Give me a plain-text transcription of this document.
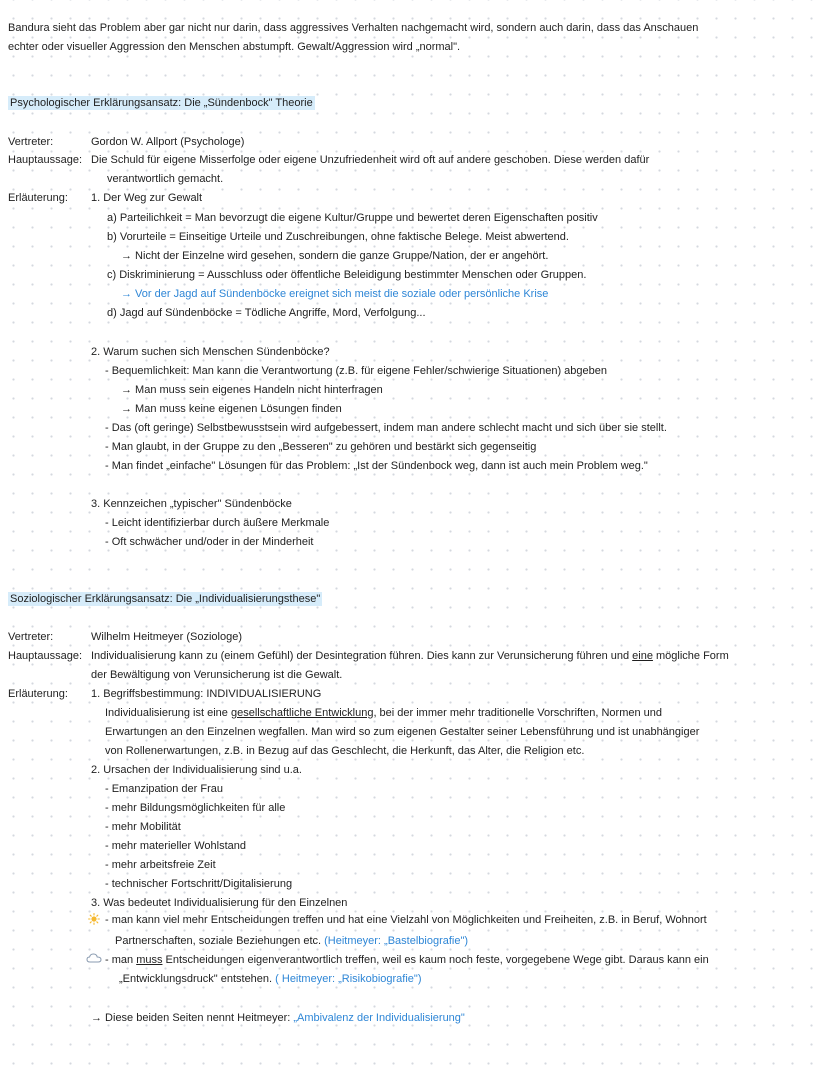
Bandura sieht das Problem aber gar nicht nur darin, dass aggressives Verhalten nachgemacht wird, sondern auch darin, dass das Anschauen
echter oder visueller Aggression den Menschen abstumpft. Gewalt/Aggression wird „normal".
Psychologischer Erklärungsansatz: Die „Sündenbock" Theorie
Vertreter:	Gordon W. Allport (Psychologe)
Hauptaussage: Die Schuld für eigene Misserfolge oder eigene Unzufriedenheit wird oft auf andere geschoben. Diese werden dafür
verantwortlich gemacht.
Erläuterung: 1. Der Weg zur Gewalt
a) Parteilichkeit = Man bevorzugt die eigene Kultur/Gruppe und bewertet deren Eigenschaften positiv
b) Vorurteile = Einseitige Urteile und Zuschreibungen, ohne faktische Belege. Meist abwertend.
→ Nicht der Einzelne wird gesehen, sondern die ganze Gruppe/Nation, der er angehört.
c) Diskriminierung = Ausschluss oder öffentliche Beleidigung bestimmter Menschen oder Gruppen.
→ Vor der Jagd auf Sündenböcke ereignet sich meist die soziale oder persönliche Krise
d) Jagd auf Sündenböcke = Tödliche Angriffe, Mord, Verfolgung...
2. Warum suchen sich Menschen Sündenböcke?
- Bequemlichkeit: Man kann die Verantwortung (z.B. für eigene Fehler/schwierige Situationen) abgeben
→ Man muss sein eigenes Handeln nicht hinterfragen
→ Man muss keine eigenen Lösungen finden
- Das (oft geringe) Selbstbewusstsein wird aufgebessert, indem man andere schlecht macht und sich über sie stellt.
- Man glaubt, in der Gruppe zu den „Besseren" zu gehören und bestärkt sich gegenseitig
- Man findet „einfache" Lösungen für das Problem: „Ist der Sündenbock weg, dann ist auch mein Problem weg."
3. Kennzeichen „typischer" Sündenböcke
- Leicht identifizierbar durch äußere Merkmale
- Oft schwächer und/oder in der Minderheit
Soziologischer Erklärungsansatz: Die „Individualisierungsthese"
Vertreter:	Wilhelm Heitmeyer (Soziologe)
Hauptaussage: Individualisierung kann zu (einem Gefühl) der Desintegration führen. Dies kann zur Verunsicherung führen und eine mögliche Form
der Bewältigung von Verunsicherung ist die Gewalt.
Erläuterung: 1. Begriffsbestimmung: INDIVIDUALISIERUNG
Individualisierung ist eine gesellschaftliche Entwicklung, bei der immer mehr traditionelle Vorschriften, Normen und
Erwartungen an den Einzelnen wegfallen. Man wird so zum eigenen Gestalter seiner Lebensführung und ist unabhängiger
von Rollenerwartungen, z.B. in Bezug auf das Geschlecht, die Herkunft, das Alter, die Religion etc.
2. Ursachen der Individualisierung sind u.a.
- Emanzipation der Frau
- mehr Bildungsmöglichkeiten für alle
- mehr Mobilität
- mehr materieller Wohlstand
- mehr arbeitsfreie Zeit
- technischer Fortschritt/Digitalisierung
3. Was bedeutet Individualisierung für den Einzelnen
- man kann viel mehr Entscheidungen treffen und hat eine Vielzahl von Möglichkeiten und Freiheiten, z.B. in Beruf, Wohnort
Partnerschaften, soziale Beziehungen etc. (Heitmeyer: „Bastelbiografie")
- man muss Entscheidungen eigenverantwortlich treffen, weil es kaum noch feste, vorgegebene Wege gibt. Daraus kann ein
„Entwicklungsdruck" entstehen. ( Heitmeyer: „Risikobiografie")
→ Diese beiden Seiten nennt Heitmeyer: „Ambivalenz der Individualisierung"
